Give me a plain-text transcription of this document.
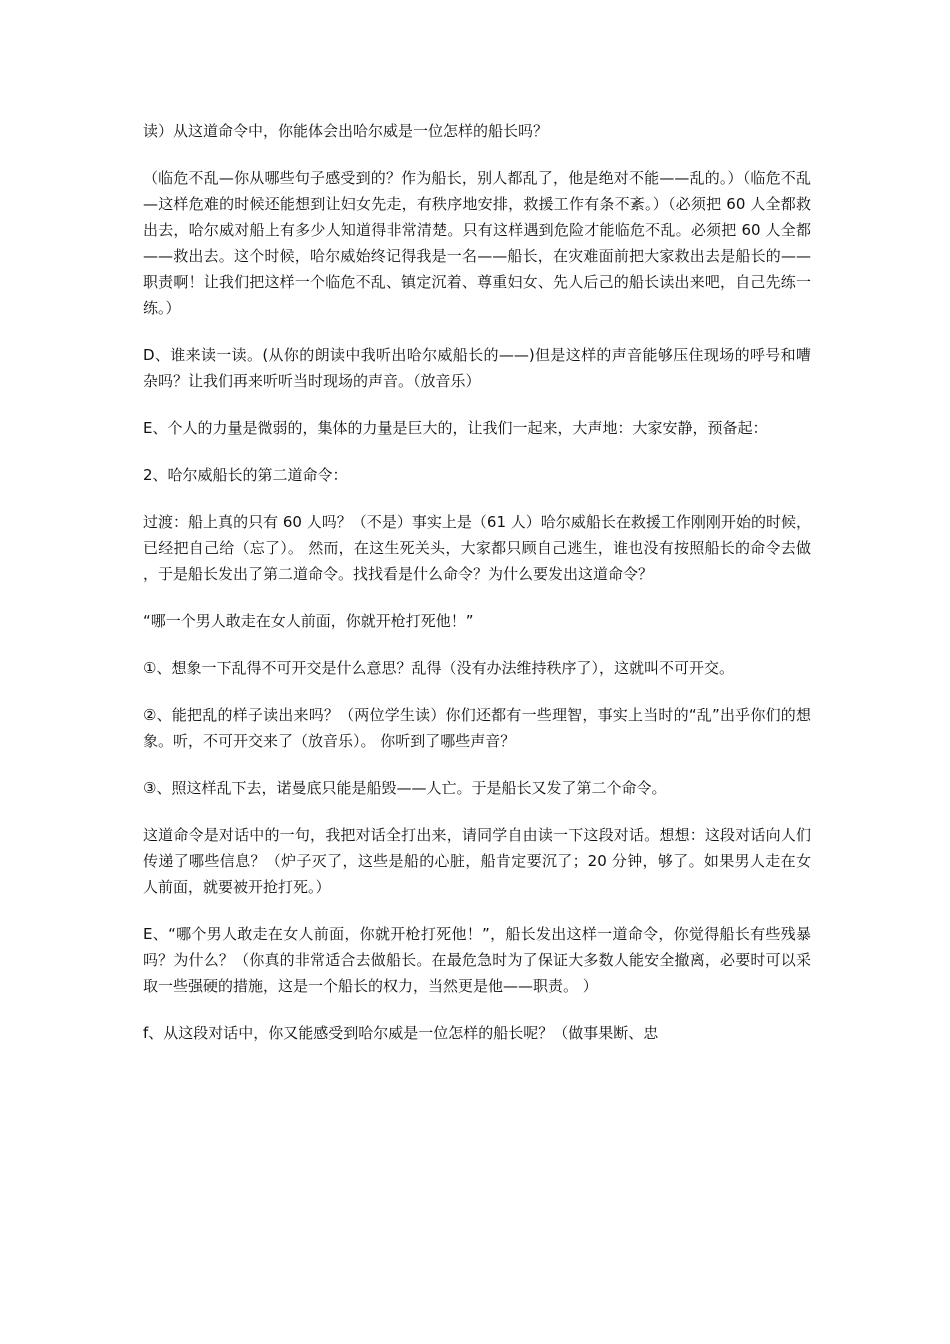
读）从这道命令中，你能体会出哈尔威是一位怎样的船长吗？

（临危不乱—你从哪些句子感受到的？作为船长，别人都乱了，他是绝对不能——乱的。）（临危不乱—这样危难的时候还能想到让妇女先走，有秩序地安排，救援工作有条不紊。）（必须把 60 人全都救出去，哈尔威对船上有多少人知道得非常清楚。只有这样遇到危险才能临危不乱。必须把 60 人全都——救出去。这个时候，哈尔威始终记得我是一名——船长，在灾难面前把大家救出去是船长的——职责啊！让我们把这样一个临危不乱、镇定沉着、尊重妇女、先人后己的船长读出来吧，自己先练一练。）

D、谁来读一读。(从你的朗读中我听出哈尔威船长的——)但是这样的声音能够压住现场的呼号和嘈杂吗？让我们再来听听当时现场的声音。（放音乐）

E、个人的力量是微弱的，集体的力量是巨大的，让我们一起来，大声地：大家安静，预备起：

2、哈尔威船长的第二道命令：

过渡：船上真的只有 60 人吗？（不是）事实上是（61 人）哈尔威船长在救援工作刚刚开始的时候，已经把自己给（忘了）。 然而，在这生死关头，大家都只顾自己逃生，谁也没有按照船长的命令去做，于是船长发出了第二道命令。找找看是什么命令？为什么要发出这道命令？

“哪一个男人敢走在女人前面，你就开枪打死他！”

①、想象一下乱得不可开交是什么意思？乱得（没有办法维持秩序了），这就叫不可开交。

②、能把乱的样子读出来吗？（两位学生读）你们还都有一些理智，事实上当时的“乱”出乎你们的想象。听，不可开交来了（放音乐）。 你听到了哪些声音？

③、照这样乱下去，诺曼底只能是船毁——人亡。于是船长又发了第二个命令。

这道命令是对话中的一句，我把对话全打出来，请同学自由读一下这段对话。想想：这段对话向人们传递了哪些信息？（炉子灭了，这些是船的心脏，船肯定要沉了；20 分钟，够了。如果男人走在女人前面，就要被开抢打死。）

E、“哪个男人敢走在女人前面，你就开枪打死他！”，船长发出这样一道命令，你觉得船长有些残暴吗？为什么？（你真的非常适合去做船长。在最危急时为了保证大多数人能安全撤离，必要时可以采取一些强硬的措施，这是一个船长的权力，当然更是他——职责。 ）

f、从这段对话中，你又能感受到哈尔威是一位怎样的船长呢？（做事果断、忠
